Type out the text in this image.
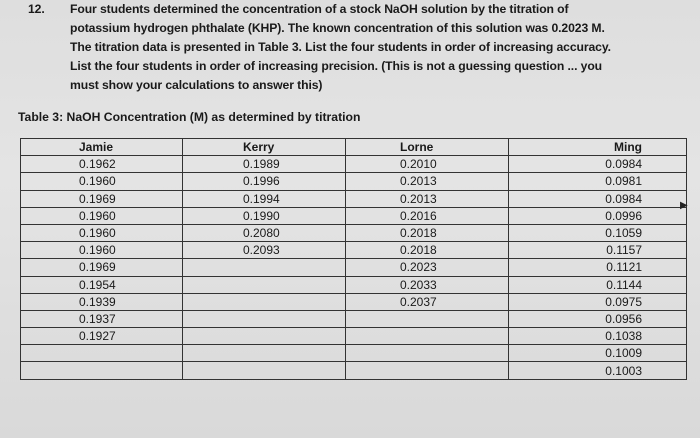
12. Four students determined the concentration of a stock NaOH solution by the titration of
potassium hydrogen phthalate (KHP). The known concentration of this solution was 0.2023 M.
The titration data is presented in Table 3. List the four students in order of increasing accuracy.
List the four students in order of increasing precision. (This is not a guessing question ... you
must show your calculations to answer this)
Table 3: NaOH Concentration (M) as determined by titration
Jamie	Kerry	Lorne	Ming
0.1962	0.1989	0.2010	0.0984
0.1960	0.1996	0.2013	0.0981
0.1969	0.1994	0.2013	0.0984
0.1960	0.1990	0.2016	0.0996
0.1960	0.2080	0.2018	0.1059
0.1960	0.2093	0.2018	0.1157
0.1969		0.2023	0.1121
0.1954		0.2033	0.1144
0.1939		0.2037	0.0975
0.1937			0.0956
0.1927			0.1038
			0.1009
			0.1003
▶
